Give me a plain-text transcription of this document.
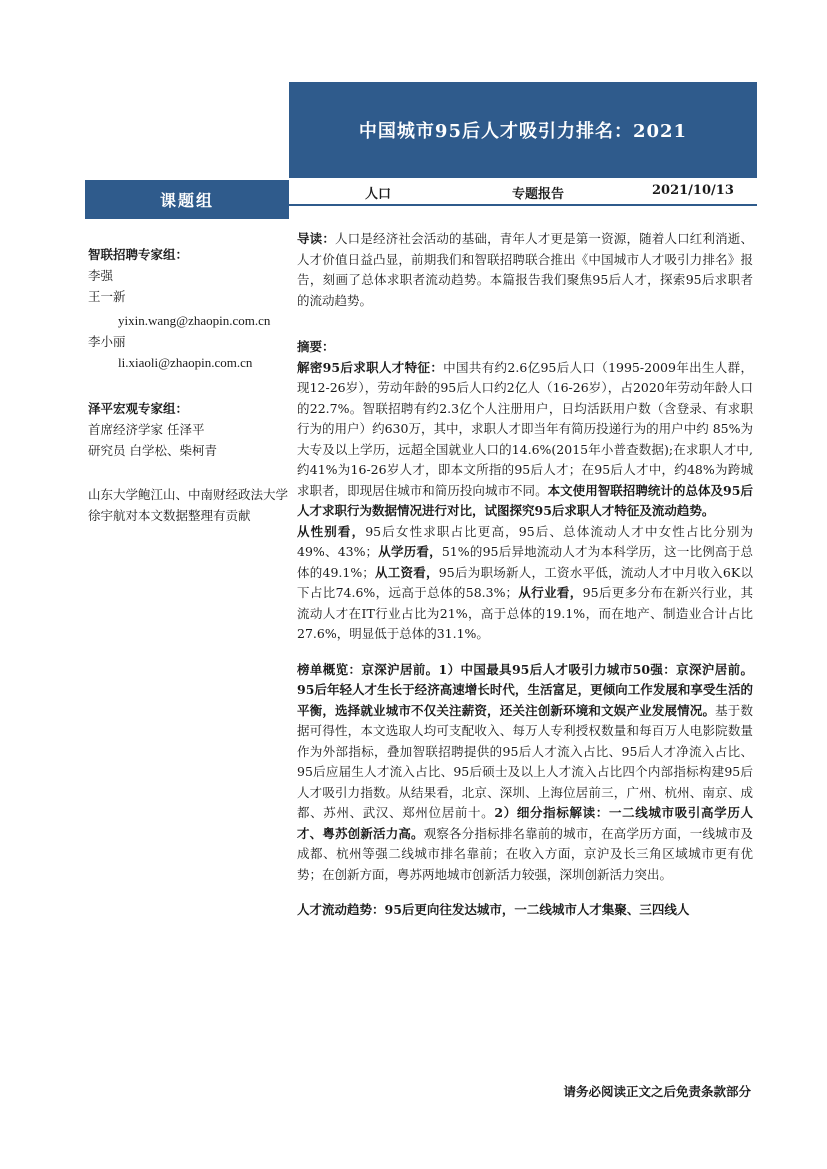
中国城市95后人才吸引力排名：2021
课题组	人口	专题报告	2021/10/13
智联招聘专家组：
李强
王一新
yixin.wang@zhaopin.com.cn
李小丽
li.xiaoli@zhaopin.com.cn
泽平宏观专家组：
首席经济学家 任泽平
研究员 白学松、柴柯青
山东大学鲍江山、中南财经政法大学徐宇航对本文数据整理有贡献

导读：人口是经济社会活动的基础，青年人才更是第一资源，随着人口红利消逝、人才价值日益凸显，前期我们和智联招聘联合推出《中国城市人才吸引力排名》报告，刻画了总体求职者流动趋势。本篇报告我们聚焦95后人才，探索95后求职者的流动趋势。

摘要：

解密95后求职人才特征：中国共有约2.6亿95后人口（1995-2009年出生人群，现12-26岁），劳动年龄的95后人口约2亿人（16-26岁），占2020年劳动年龄人口的22.7%。智联招聘有约2.3亿个人注册用户，日均活跃用户数（含登录、有求职行为的用户）约630万，其中，求职人才即当年有简历投递行为的用户中约 85%为大专及以上学历，远超全国就业人口的14.6%(2015年小普查数据);在求职人才中,约41%为16-26岁人才，即本文所指的95后人才；在95后人才中，约48%为跨城求职者，即现居住城市和简历投向城市不同。本文使用智联招聘统计的总体及95后人才求职行为数据情况进行对比，试图探究95后求职人才特征及流动趋势。

从性别看，95后女性求职占比更高，95后、总体流动人才中女性占比分别为49%、43%；从学历看，51%的95后异地流动人才为本科学历，这一比例高于总体的49.1%；从工资看，95后为职场新人，工资水平低，流动人才中月收入6K以下占比74.6%，远高于总体的58.3%；从行业看，95后更多分布在新兴行业，其流动人才在IT行业占比为21%，高于总体的19.1%，而在地产、制造业合计占比27.6%，明显低于总体的31.1%。

榜单概览：京深沪居前。1）中国最具95后人才吸引力城市50强：京深沪居前。95后年轻人才生长于经济高速增长时代，生活富足，更倾向工作发展和享受生活的平衡，选择就业城市不仅关注薪资，还关注创新环境和文娱产业发展情况。基于数据可得性，本文选取人均可支配收入、每万人专利授权数量和每百万人电影院数量作为外部指标，叠加智联招聘提供的95后人才流入占比、95后人才净流入占比、95后应届生人才流入占比、95后硕士及以上人才流入占比四个内部指标构建95后人才吸引力指数。从结果看，北京、深圳、上海位居前三，广州、杭州、南京、成都、苏州、武汉、郑州位居前十。2）细分指标解读：一二线城市吸引高学历人才、粤苏创新活力高。观察各分指标排名靠前的城市，在高学历方面，一线城市及成都、杭州等强二线城市排名靠前；在收入方面，京沪及长三角区域城市更有优势；在创新方面，粤苏两地城市创新活力较强，深圳创新活力突出。

人才流动趋势：95后更向往发达城市，一二线城市人才集聚、三四线人

请务必阅读正文之后免责条款部分
